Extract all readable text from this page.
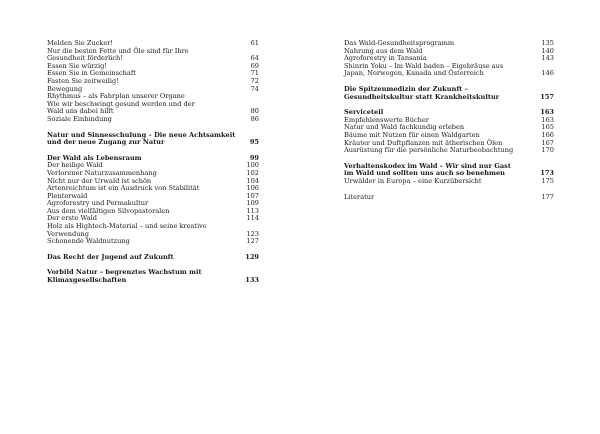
Melden Sie Zucker!	61
Nur die besten Fette und Öle sind für Ihre
Gesundheit förderlich!	64
Essen Sie würzig!	69
Essen Sie in Gemeinschaft	71
Fasten Sie zeitweilig!	72
Bewegung	74
Rhythmus – als Fahrplan unserer Organe
Wie wir beschwingt gesund werden und der
Wald uns dabei hilft	80
Soziale Einbindung	86
Natur und Sinnesschulung – Die neue Achtsamkeit
und der neue Zugang zur Natur	95
Der Wald als Lebensraum	99
Der heilige Wald	100
Verlorener Naturzusammenhang	102
Nicht nur der Urwald ist schön	104
Artenreichtum ist ein Ausdruck von Stabilität	106
Plenterwald	107
Agroforestry und Permakultur	109
Aus dem vielfältigen Silvopastoralen	113
Der erste Wald	114
Holz als Hightech-Material – und seine kreative
Verwendung	123
Schonende Waldnutzung	127
Das Recht der Jugend auf Zukunft	129
Vorbild Natur – begrenztes Wachstum mit
Klimaxgesellschaften	133
Das Wald-Gesundheitsprogramm	135
Nahrung aus dem Wald	140
Agroforestry in Tansania	143
Shinrin Yoku – Im Wald baden – Eigebräuse aus
Japan, Norwegen, Kanada und Österreich	146
Die Spitzenmedizin der Zukunft –
Gesundheitskultur statt Krankheitskultur	157
Serviceteil	163
Empfehlenswerte Bücher	163
Natur und Wald fachkundig erleben	165
Bäume mit Nutzen für einen Waldgarten	166
Kräuter und Duftpflanzen mit ätherischen Ölen	167
Ausrüstung für die persönliche Naturbeobachtung	170
Verhaltenskodex im Wald – Wir sind nur Gast
im Wald und sollten uns auch so benehmen	173
Urwälder in Europa – eine Kurzübersicht	175
Literatur	177
